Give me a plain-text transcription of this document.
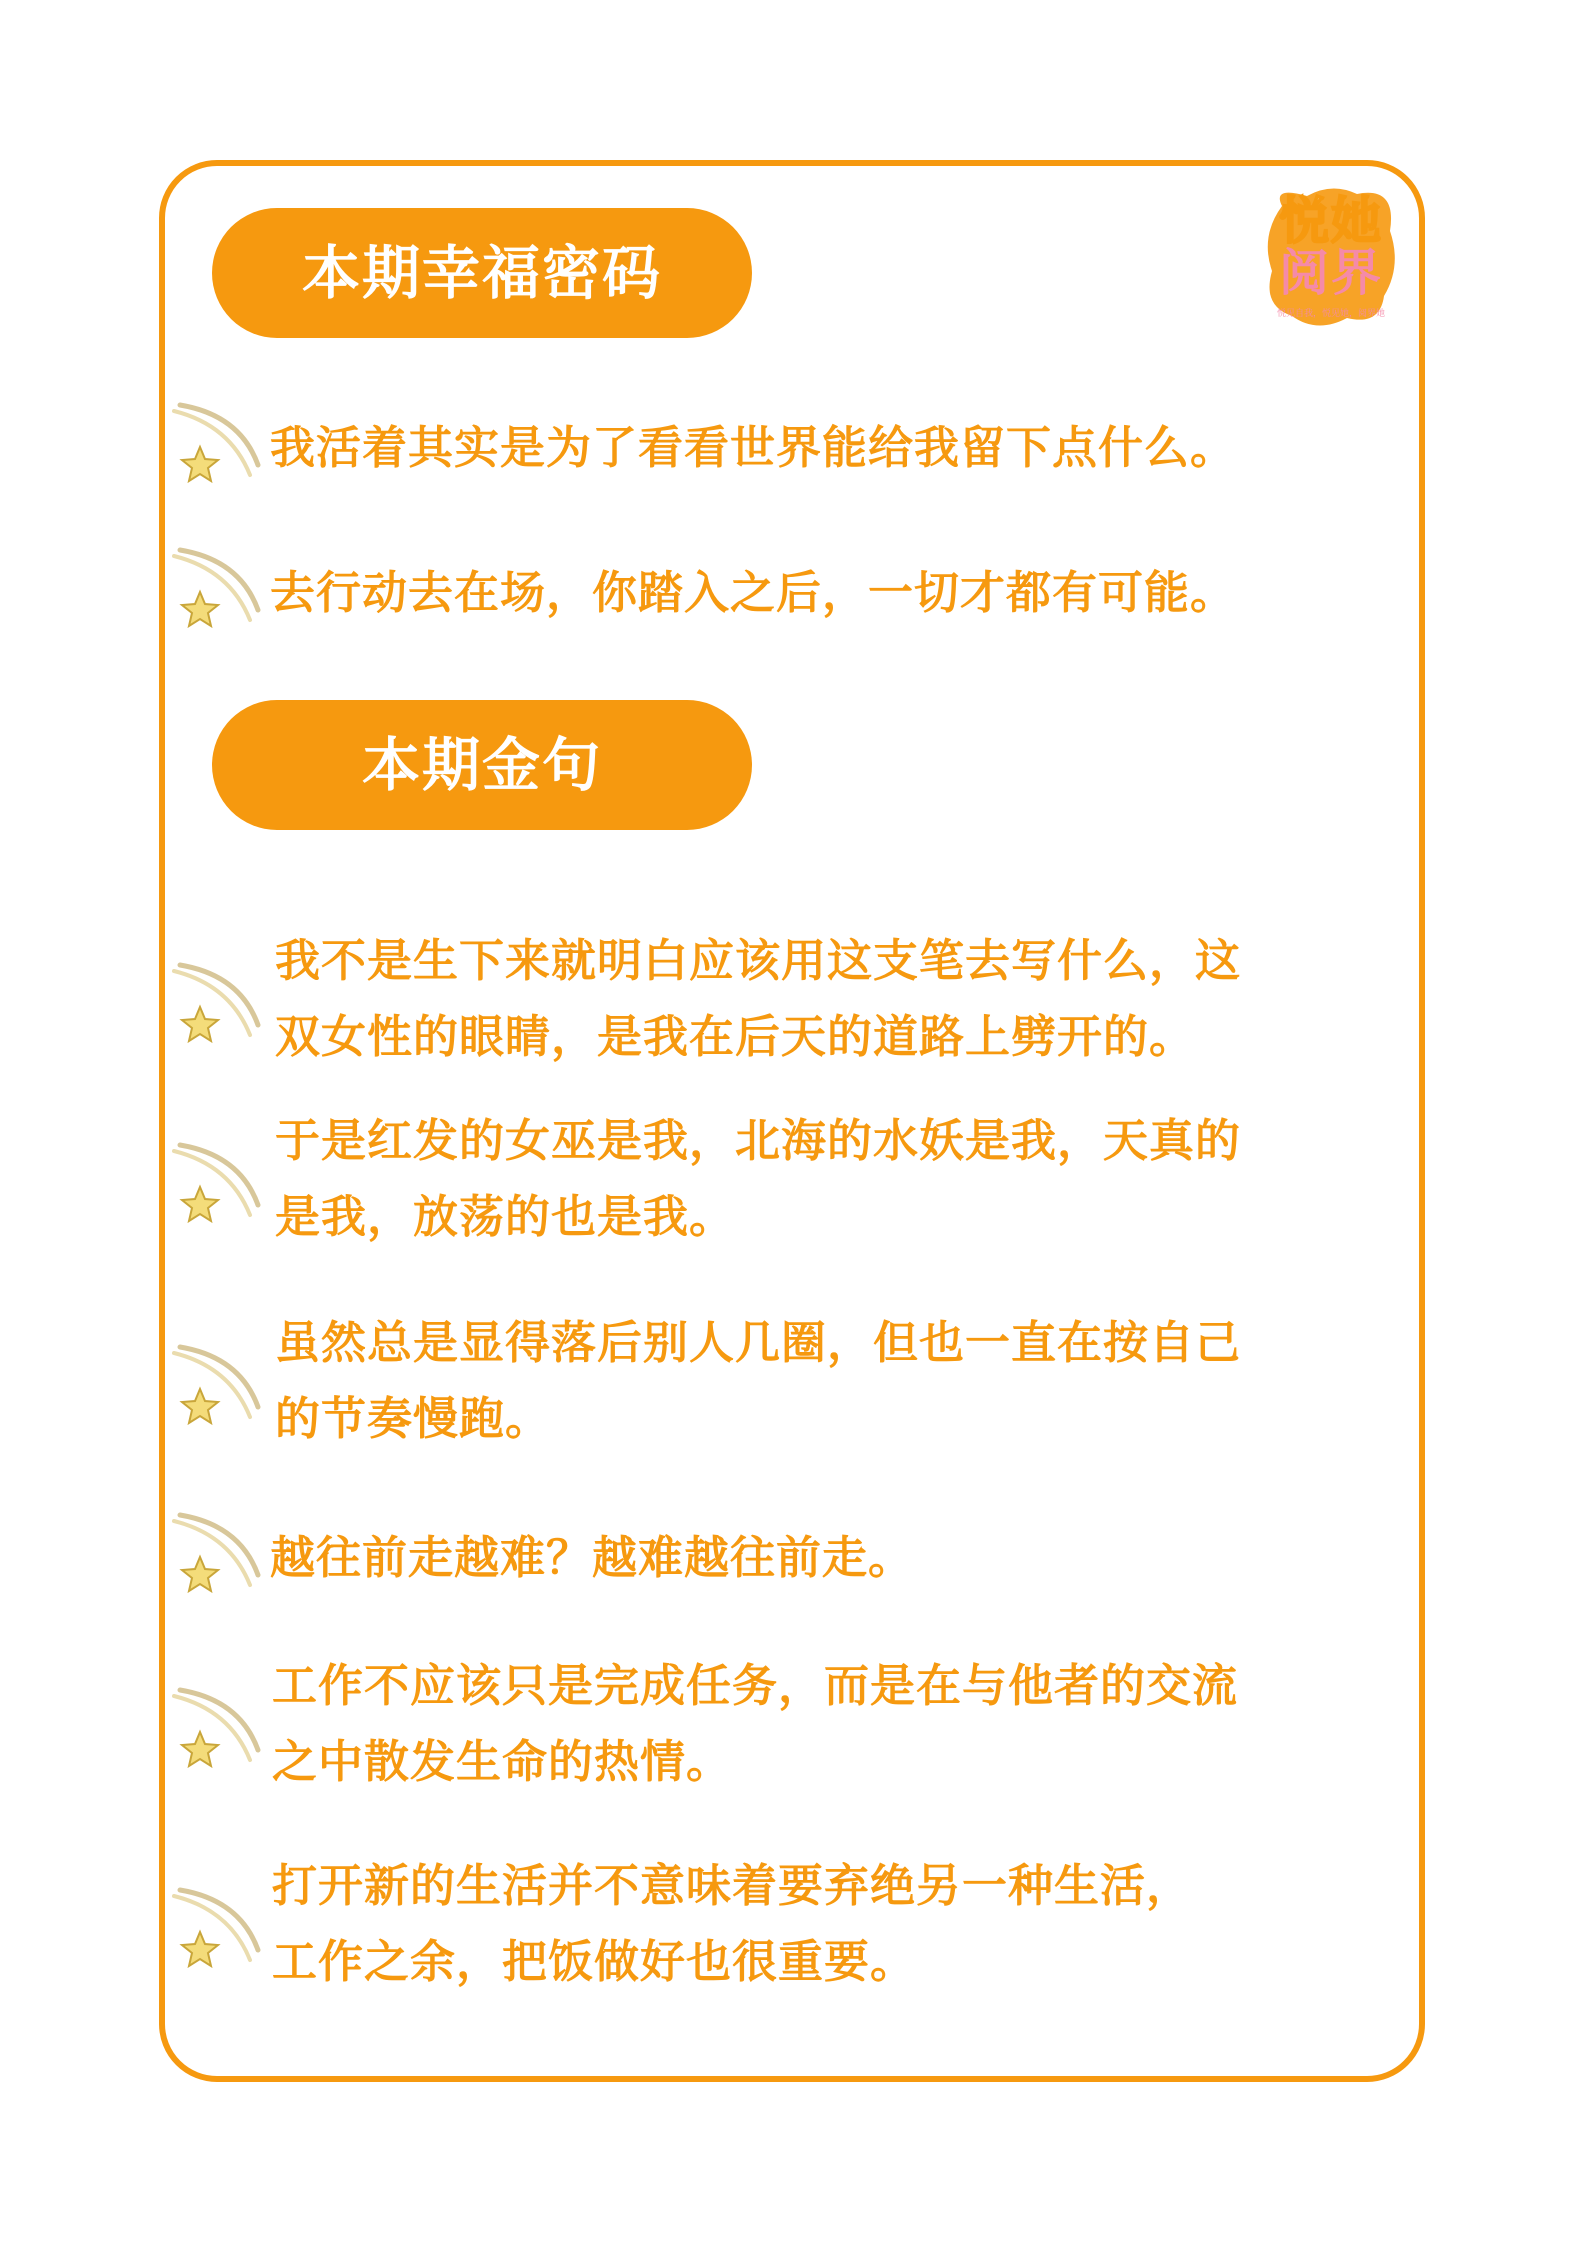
悦她
阅界
悦见自我，悦见她，阅界她
本期幸福密码
我活着其实是为了看看世界能给我留下点什么。
去行动去在场，你踏入之后，一切才都有可能。
本期金句
我不是生下来就明白应该用这支笔去写什么，这
双女性的眼睛，是我在后天的道路上劈开的。
于是红发的女巫是我，北海的水妖是我，天真的
是我，放荡的也是我。
虽然总是显得落后别人几圈，但也一直在按自己
的节奏慢跑。
越往前走越难？越难越往前走。
工作不应该只是完成任务，而是在与他者的交流
之中散发生命的热情。
打开新的生活并不意味着要弃绝另一种生活，
工作之余，把饭做好也很重要。
